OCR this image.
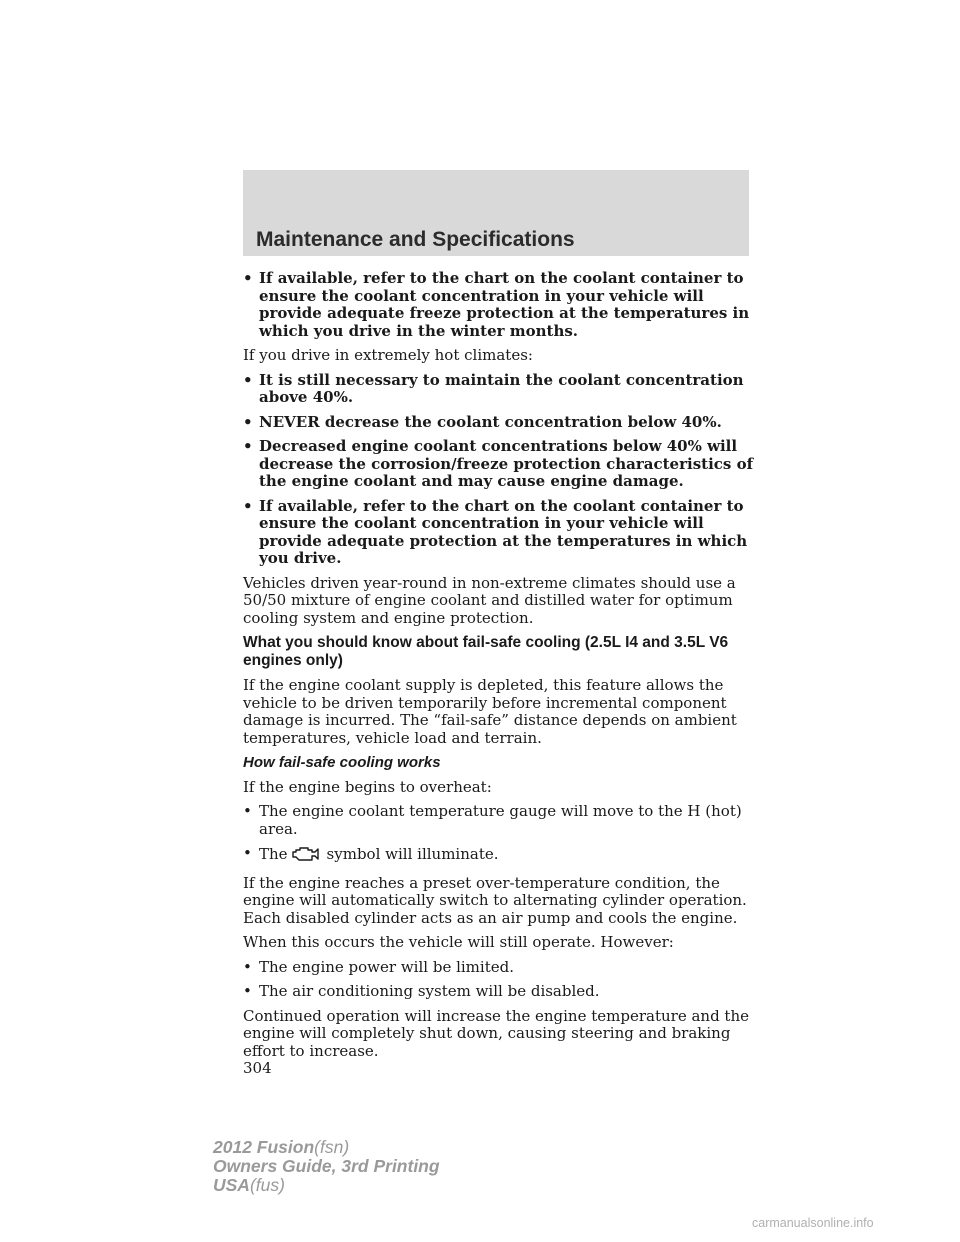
Maintenance and Specifications
• If available, refer to the chart on the coolant container to ensure the coolant concentration in your vehicle will provide adequate freeze protection at the temperatures in which you drive in the winter months.

If you drive in extremely hot climates:

• It is still necessary to maintain the coolant concentration above 40%.
• NEVER decrease the coolant concentration below 40%.
• Decreased engine coolant concentrations below 40% will decrease the corrosion/freeze protection characteristics of the engine coolant and may cause engine damage.
• If available, refer to the chart on the coolant container to ensure the coolant concentration in your vehicle will provide adequate protection at the temperatures in which you drive.

Vehicles driven year-round in non-extreme climates should use a 50/50 mixture of engine coolant and distilled water for optimum cooling system and engine protection.

What you should know about fail-safe cooling (2.5L I4 and 3.5L V6 engines only)

If the engine coolant supply is depleted, this feature allows the vehicle to be driven temporarily before incremental component damage is incurred. The “fail-safe” distance depends on ambient temperatures, vehicle load and terrain.

How fail-safe cooling works

If the engine begins to overheat:

• The engine coolant temperature gauge will move to the H (hot) area.
• The	symbol will illuminate.

If the engine reaches a preset over-temperature condition, the engine will automatically switch to alternating cylinder operation. Each disabled cylinder acts as an air pump and cools the engine.

When this occurs the vehicle will still operate. However:

• The engine power will be limited.
• The air conditioning system will be disabled.

Continued operation will increase the engine temperature and the engine will completely shut down, causing steering and braking effort to increase.

304
2012 Fusion(fsn)
Owners Guide, 3rd Printing
USA(fus)
carmanualsonline.info
